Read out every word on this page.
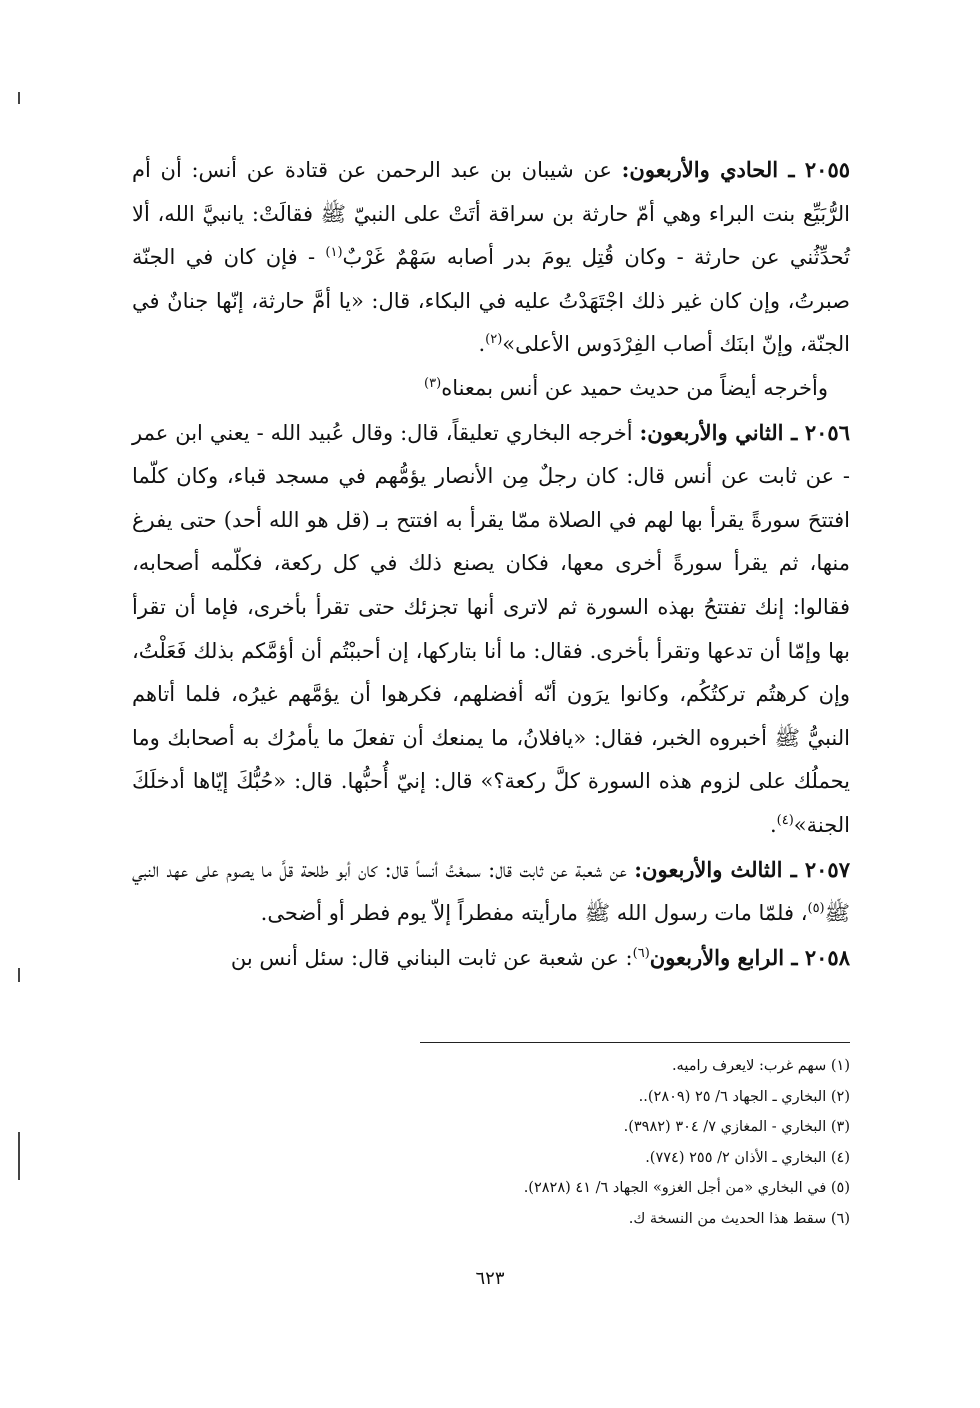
٢٠٥٥ ـ الحادي والأربعون: عن شيبان بن عبد الرحمن عن قتادة عن أنس: أن أم الرُّبَيِّع بنت البراء وهي أمّ حارثة بن سراقة أتَتْ على النبيّ ﷺ فقالَتْ: يانبيَّ الله، ألا تُحدِّثُني عن حارثة - وكان قُتِل يومَ بدر أصابه سَهْمٌ غَرْبٌ$^{(١)}$ - فإن كان في الجنّة صبرتُ، وإن كان غير ذلك اجْتَهَدْتُ عليه في البكاء، قال: «يا أمَّ حارثة، إنّها جنانٌ في الجنّة، وإنّ ابنَك أصاب الفِرْدَوس الأعلى»$^{(٢)}$.

وأخرجه أيضاً من حديث حميد عن أنس بمعناه$^{(٣)}$

٢٠٥٦ ـ الثاني والأربعون: أخرجه البخاري تعليقاً، قال: وقال عُبيد الله - يعني ابن عمر - عن ثابت عن أنس قال: كان رجلٌ مِن الأنصار يؤمُّهم في مسجد قباء، وكان كلّما افتتحَ سورةً يقرأ بها لهم في الصلاة ممّا يقرأ به افتتح بـ (قل هو الله أحد) حتى يفرغ منها، ثم يقرأ سورةً أخرى معها، فكان يصنع ذلك في كل ركعة، فكلّمه أصحابه، فقالوا: إنك تفتتحُ بهذه السورة ثم لاترى أنها تجزئك حتى تقرأ بأخرى، فإما أن تقرأ بها وإمّا أن تدعها وتقرأ بأخرى. فقال: ما أنا بتاركها، إن أحببْتُم أن أؤمَّكم بذلك فَعَلْتُ، وإن كرهتُم تركتُكُم، وكانوا يرَون أنّه أفضلهم، فكرهوا أن يؤمَّهم غيرُه، فلما أتاهم النبيُّ ﷺ أخبروه الخبر، فقال: «يافلانُ، ما يمنعك أن تفعلَ ما يأمرُك به أصحابك وما يحملُك على لزوم هذه السورة كلَّ ركعة؟» قال: إنيّ أُحبُّها. قال: «حُبُّكَ إيّاها أدخلَكَ الجنة»$^{(٤)}$.

٢٠٥٧ ـ الثالث والأربعون: عن شعبة عن ثابت قال: سمعْتُ أنساً قال: كان أبو طلحة قلَّ ما يصوم على عهد النبي ﷺ$^{(٥)}$، فلمّا مات رسول الله ﷺ مارأيته مفطراً إلاّ يوم فطر أو أضحى.

٢٠٥٨ ـ الرابع والأربعون$^{(٦)}$: عن شعبة عن ثابت البناني قال: سئل أنس بن

(١) سهم غرب: لايعرف راميه.
(٢) البخاري ـ الجهاد ٦/ ٢٥ (٢٨٠٩)..
(٣) البخاري - المغازي ٧/ ٣٠٤ (٣٩٨٢).
(٤) البخاري ـ الأذان ٢/ ٢٥٥ (٧٧٤).
(٥) في البخاري «من أجل الغزو» الجهاد ٦/ ٤١ (٢٨٢٨).
(٦) سقط هذا الحديث من النسخة ك.
٦٢٣
